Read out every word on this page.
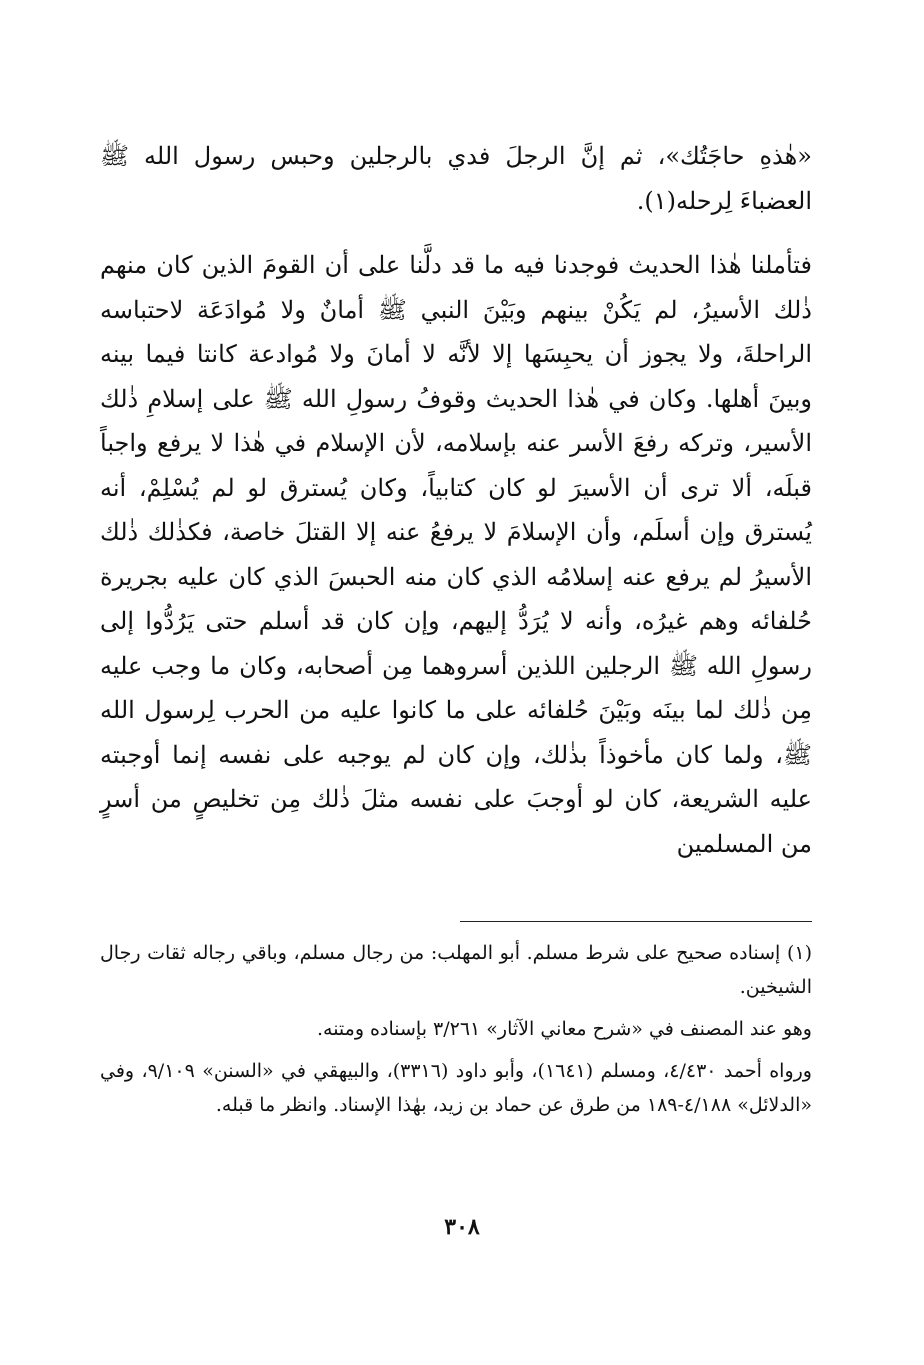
«هٰذهِ حاجَتُك»، ثم إنَّ الرجلَ فدي بالرجلين وحبس رسول الله ﷺ العضباءَ لِرحله(١).

فتأملنا هٰذا الحديث فوجدنا فيه ما قد دلَّنا على أن القومَ الذين كان منهم ذٰلك الأسيرُ، لم يَكُنْ بينهم وبَيْنَ النبي ﷺ أمانٌ ولا مُوادَعَة لاحتباسه الراحلةَ، ولا يجوز أن يحبِسَها إلا لأنَّه لا أمانَ ولا مُوادعة كانتا فيما بينه وبينَ أهلها. وكان في هٰذا الحديث وقوفُ رسولِ الله ﷺ على إسلامِ ذٰلك الأسير، وتركه رفعَ الأسر عنه بإسلامه، لأن الإسلام في هٰذا لا يرفع واجباً قبلَه، ألا ترى أن الأسيرَ لو كان كتابياً، وكان يُسترق لو لم يُسْلِمْ، أنه يُسترق وإن أسلَم، وأن الإسلامَ لا يرفعُ عنه إلا القتلَ خاصة، فكذٰلك ذٰلك الأسيرُ لم يرفع عنه إسلامُه الذي كان منه الحبسَ الذي كان عليه بجريرة حُلفائه وهم غيرُه، وأنه لا يُرَدُّ إليهم، وإن كان قد أسلم حتى يَرُدُّوا إلى رسولِ الله ﷺ الرجلين اللذين أسروهما مِن أصحابه، وكان ما وجب عليه مِن ذٰلك لما بينَه وبَيْنَ حُلفائه على ما كانوا عليه من الحرب لِرسول الله ﷺ، ولما كان مأخوذاً بذٰلك، وإن كان لم يوجبه على نفسه إنما أوجبته عليه الشريعة، كان لو أوجبَ على نفسه مثلَ ذٰلك مِن تخليصٍ من أسرٍ من المسلمين

(١) إسناده صحيح على شرط مسلم. أبو المهلب: من رجال مسلم، وباقي رجاله ثقات رجال الشيخين.

وهو عند المصنف في «شرح معاني الآثار» ٣/٢٦١ بإسناده ومتنه.

ورواه أحمد ٤/٤٣٠، ومسلم (١٦٤١)، وأبو داود (٣٣١٦)، والبيهقي في «السنن» ٩/١٠٩، وفي «الدلائل» ٤/١٨٨-١٨٩ من طرق عن حماد بن زيد، بهٰذا الإسناد. وانظر ما قبله.

٣٠٨
